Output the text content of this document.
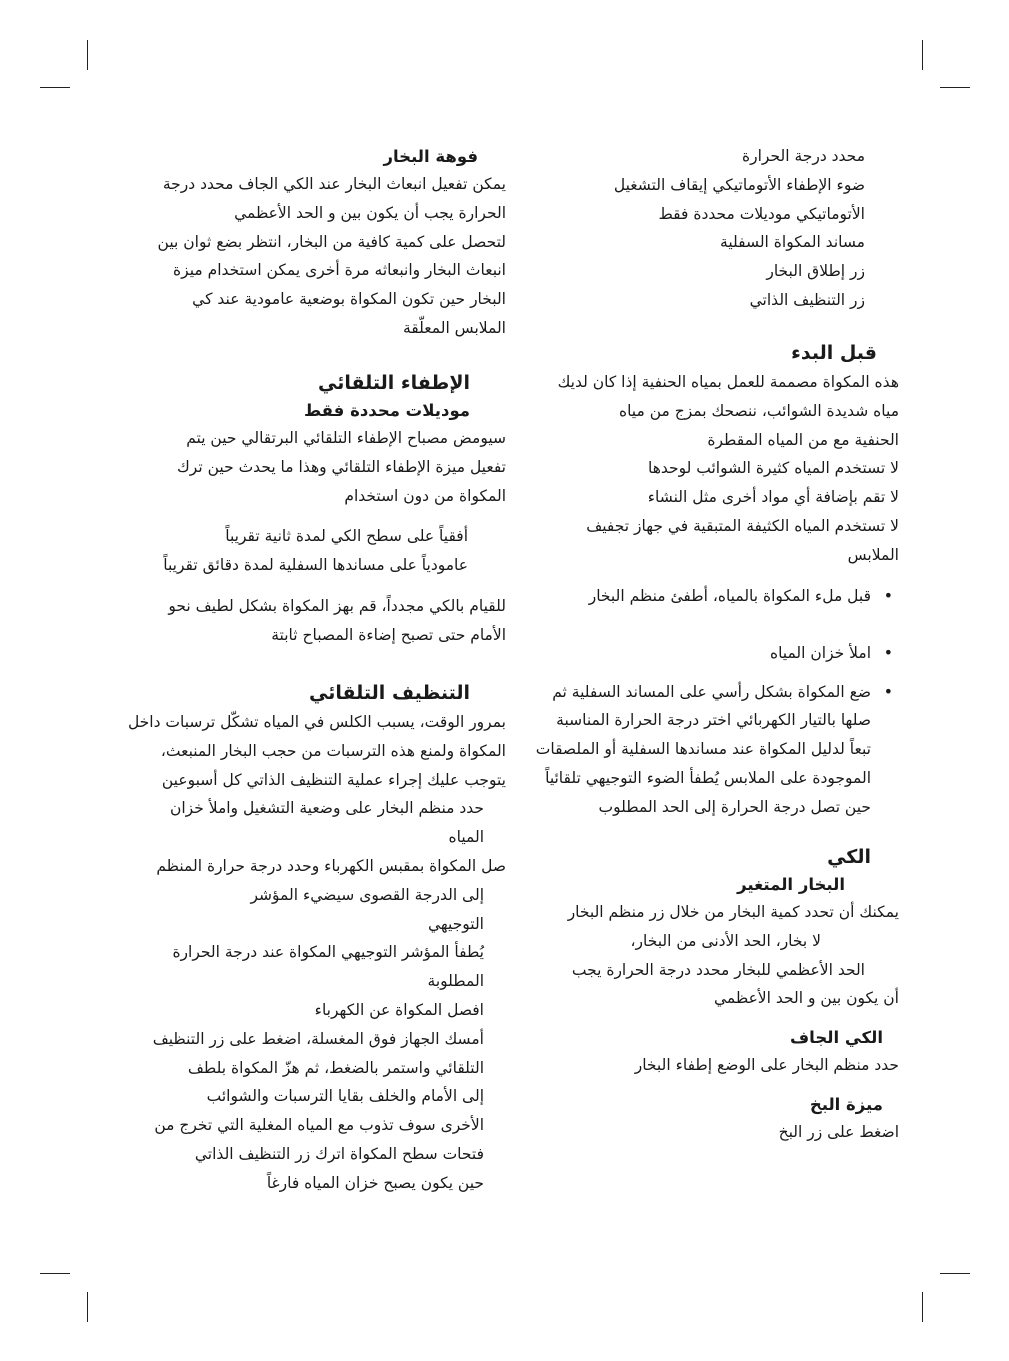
محدد درجة الحرارة
ضوء الإطفاء الأتوماتيكي إيقاف التشغيل
الأتوماتيكي موديلات محددة فقط
مساند المكواة السفلية
زر إطلاق البخار
زر التنظيف الذاتي
قبل البدء
هذه المكواة مصممة للعمل بمياه الحنفية إذا كان لديك
مياه شديدة الشوائب، ننصحك بمزج من مياه
الحنفية مع من المياه المقطرة
لا تستخدم المياه كثيرة الشوائب لوحدها
لا تقم بإضافة أي مواد أخرى مثل النشاء
لا تستخدم المياه الكثيفة المتبقية في جهاز تجفيف
الملابس
• قبل ملء المكواة بالمياه، أطفئ منظم البخار
• املأ خزان المياه
• ضع المكواة بشكل رأسي على المساند السفلية ثم
صلها بالتيار الكهربائي اختر درجة الحرارة المناسبة
تبعاً لدليل المكواة عند مساندها السفلية أو الملصقات
الموجودة على الملابس يُطفأ الضوء التوجيهي تلقائياً
حين تصل درجة الحرارة إلى الحد المطلوب
الكي
البخار المتغير
يمكنك أن تحدد كمية البخار من خلال زر منظم البخار
لا بخار، الحد الأدنى من البخار،
الحد الأعظمي للبخار محدد درجة الحرارة يجب
أن يكون بين و الحد الأعظمي
الكي الجاف
حدد منظم البخار على الوضع إطفاء البخار
ميزة البخ
اضغط على زر البخ
فوهة البخار
يمكن تفعيل انبعاث البخار عند الكي الجاف محدد درجة
الحرارة يجب أن يكون بين و الحد الأعظمي
لتحصل على كمية كافية من البخار، انتظر بضع ثوان بين
انبعاث البخار وانبعاثه مرة أخرى يمكن استخدام ميزة
البخار حين تكون المكواة بوضعية عامودية عند كي
الملابس المعلّقة
الإطفاء التلقائي
موديلات محددة فقط
سيومض مصباح الإطفاء التلقائي البرتقالي حين يتم
تفعيل ميزة الإطفاء التلقائي وهذا ما يحدث حين ترك
المكواة من دون استخدام
أفقياً على سطح الكي لمدة ثانية تقريباً
عامودياً على مساندها السفلية لمدة دقائق تقريباً
للقيام بالكي مجدداً، قم بهز المكواة بشكل لطيف نحو
الأمام حتى تصبح إضاءة المصباح ثابتة
التنظيف التلقائي
بمرور الوقت، يسبب الكلس في المياه تشكّل ترسبات داخل
المكواة ولمنع هذه الترسبات من حجب البخار المنبعث،
يتوجب عليك إجراء عملية التنظيف الذاتي كل أسبوعين
حدد منظم البخار على وضعية التشغيل واملأ خزان
المياه
صل المكواة بمقبس الكهرباء وحدد درجة حرارة المنظم
إلى الدرجة القصوى سيضيء المؤشر
التوجيهي
يُطفأ المؤشر التوجيهي المكواة عند درجة الحرارة
المطلوبة
افصل المكواة عن الكهرباء
أمسك الجهاز فوق المغسلة، اضغط على زر التنظيف
التلقائي واستمر بالضغط، ثم هزّ المكواة بلطف
إلى الأمام والخلف بقايا الترسبات والشوائب
الأخرى سوف تذوب مع المياه المغلية التي تخرج من
فتحات سطح المكواة اترك زر التنظيف الذاتي
حين يكون يصبح خزان المياه فارغاً
